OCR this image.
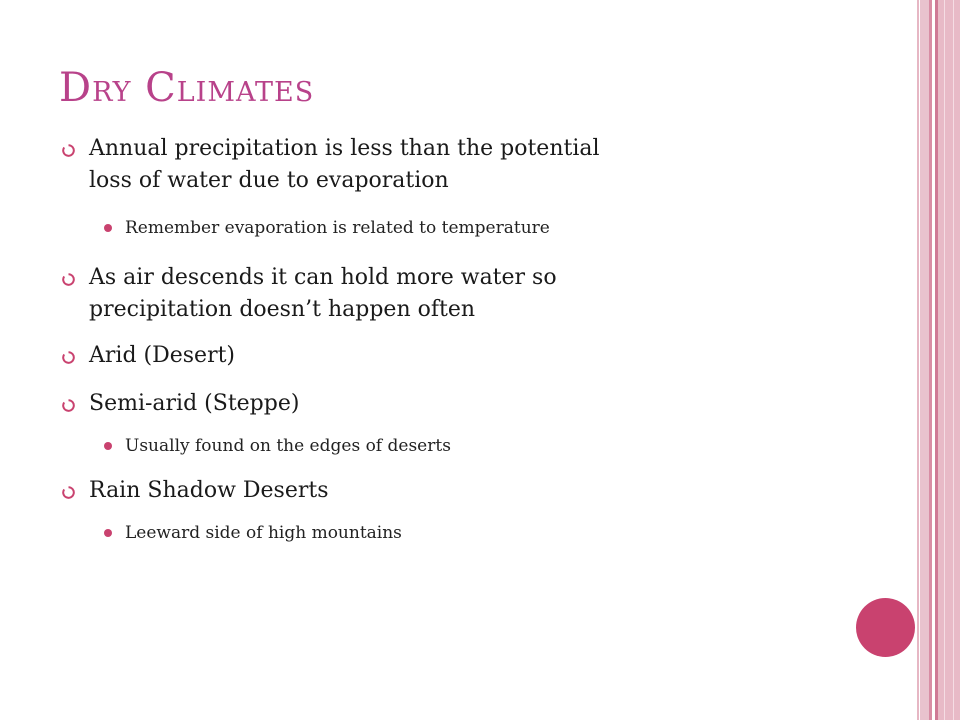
DRY CLIMATES
Annual precipitation is less than the potential
loss of water due to evaporation
Remember evaporation is related to temperature
As air descends it can hold more water so
precipitation doesn’t happen often
Arid (Desert)
Semi-arid (Steppe)
Usually found on the edges of deserts
Rain Shadow Deserts
Leeward side of high mountains
